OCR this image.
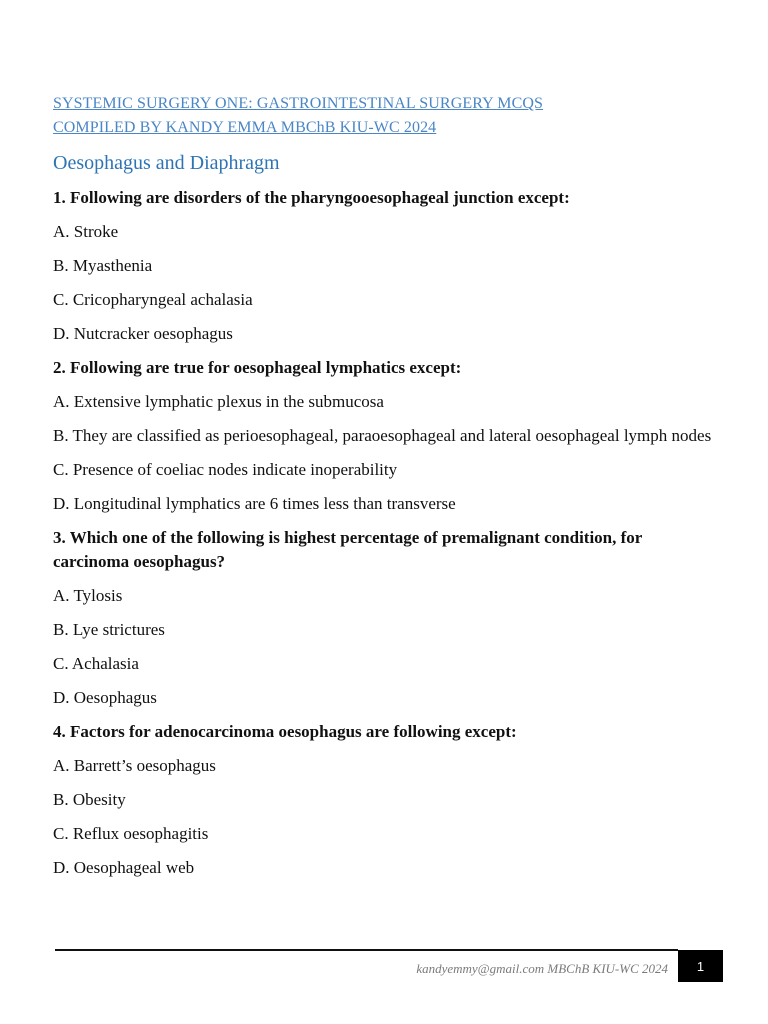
SYSTEMIC SURGERY ONE: GASTROINTESTINAL SURGERY MCQS
COMPILED BY KANDY EMMA MBChB KIU-WC 2024
Oesophagus and Diaphragm

1. Following are disorders of the pharyngooesophageal junction except:

A. Stroke

B. Myasthenia

C. Cricopharyngeal achalasia

D. Nutcracker oesophagus

2. Following are true for oesophageal lymphatics except:

A. Extensive lymphatic plexus in the submucosa

B. They are classified as perioesophageal, paraoesophageal and lateral oesophageal lymph nodes

C. Presence of coeliac nodes indicate inoperability

D. Longitudinal lymphatics are 6 times less than transverse

3. Which one of the following is highest percentage of premalignant condition, for carcinoma oesophagus?

A. Tylosis

B. Lye strictures

C. Achalasia

D. Oesophagus

4. Factors for adenocarcinoma oesophagus are following except:

A. Barrett’s oesophagus

B. Obesity

C. Reflux oesophagitis

D. Oesophageal web

kandyemmy@gmail.com MBChB KIU-WC 2024	1
